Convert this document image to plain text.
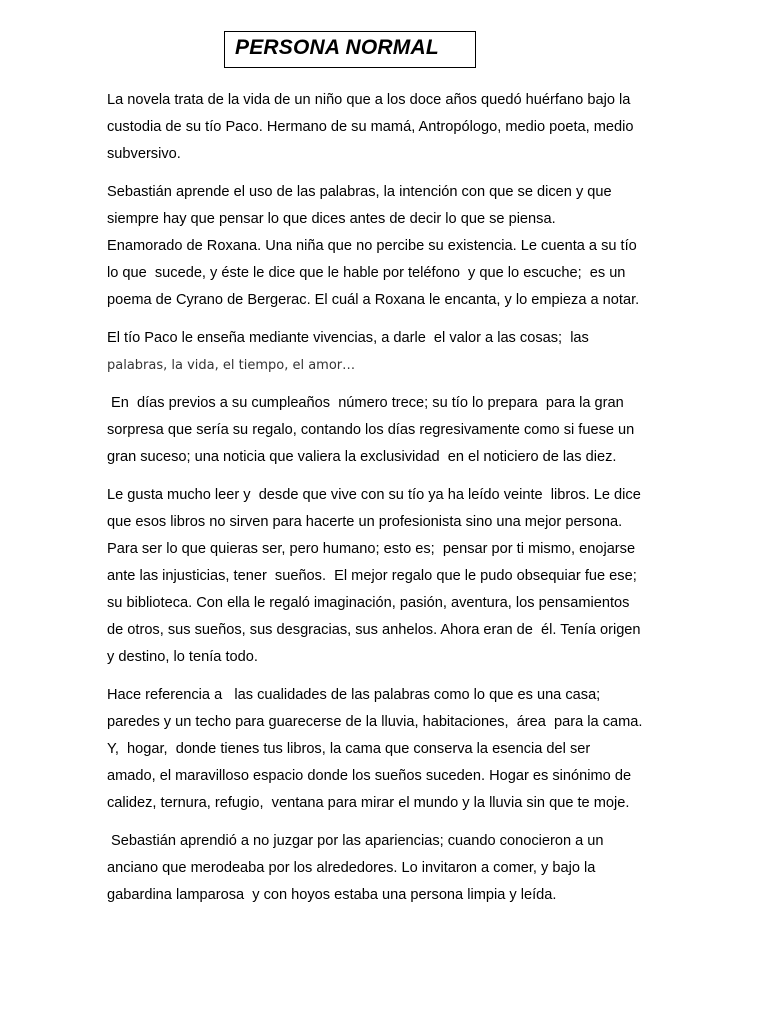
PERSONA NORMAL
La novela trata de la vida de un niño que a los doce años quedó huérfano bajo la
custodia de su tío Paco. Hermano de su mamá, Antropólogo, medio poeta, medio
subversivo.
Sebastián aprende el uso de las palabras, la intención con que se dicen y que
siempre hay que pensar lo que dices antes de decir lo que se piensa.
Enamorado de Roxana. Una niña que no percibe su existencia. Le cuenta a su tío
lo que  sucede, y éste le dice que le hable por teléfono  y que lo escuche;  es un
poema de Cyrano de Bergerac. El cuál a Roxana le encanta, y lo empieza a notar.
El tío Paco le enseña mediante vivencias, a darle  el valor a las cosas;  las
palabras, la vida, el tiempo, el amor…
En  días previos a su cumpleaños  número trece; su tío lo prepara  para la gran
sorpresa que sería su regalo, contando los días regresivamente como si fuese un
gran suceso; una noticia que valiera la exclusividad  en el noticiero de las diez.
Le gusta mucho leer y  desde que vive con su tío ya ha leído veinte  libros. Le dice
que esos libros no sirven para hacerte un profesionista sino una mejor persona.
Para ser lo que quieras ser, pero humano; esto es;  pensar por ti mismo, enojarse
ante las injusticias, tener  sueños.  El mejor regalo que le pudo obsequiar fue ese;
su biblioteca. Con ella le regaló imaginación, pasión, aventura, los pensamientos
de otros, sus sueños, sus desgracias, sus anhelos. Ahora eran de  él. Tenía origen
y destino, lo tenía todo.
Hace referencia a   las cualidades de las palabras como lo que es una casa;
paredes y un techo para guarecerse de la lluvia, habitaciones,  área  para la cama.
Y,  hogar,  donde tienes tus libros, la cama que conserva la esencia del ser
amado, el maravilloso espacio donde los sueños suceden. Hogar es sinónimo de
calidez, ternura, refugio,  ventana para mirar el mundo y la lluvia sin que te moje.
Sebastián aprendió a no juzgar por las apariencias; cuando conocieron a un
anciano que merodeaba por los alrededores. Lo invitaron a comer, y bajo la
gabardina lamparosa  y con hoyos estaba una persona limpia y leída.
